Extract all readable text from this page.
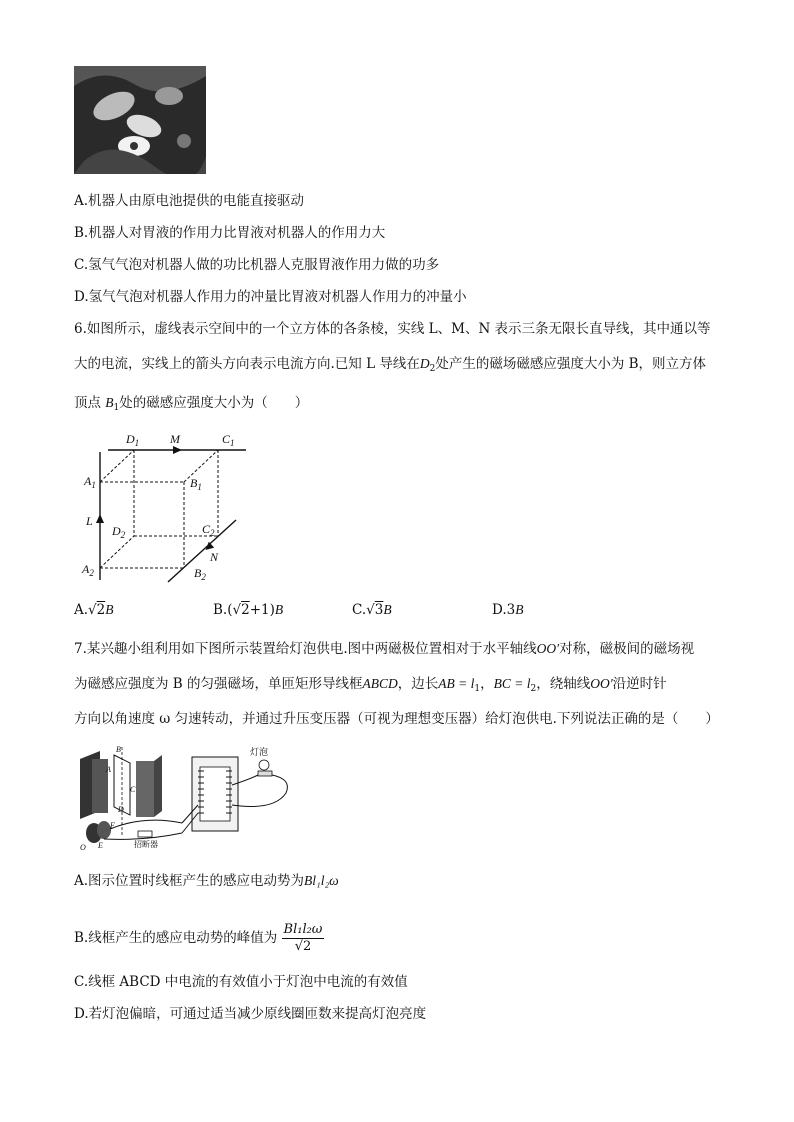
A.机器人由原电池提供的电能直接驱动
B.机器人对胃液的作用力比胃液对机器人的作用力大
C.氢气气泡对机器人做的功比机器人克服胃液作用力做的功多
D.氢气气泡对机器人作用力的冲量比胃液对机器人作用力的冲量小
6.如图所示，虚线表示空间中的一个立方体的各条棱，实线 L、M、N 表示三条无限长直导线，其中通以等
大的电流，实线上的箭头方向表示电流方向.已知 L 导线在$D_2$处产生的磁场磁感应强度大小为 B，则立方体
顶点 $B_1$处的磁感应强度大小为（　　）
$D_1$	M	$C_1$
$A_1$	$B_1$
L
$D_2$	$C_2$
$A_2$	$B_2$
N
A.√2B	B.(√2+1)B	C.√3B	D.3B
7.某兴趣小组利用如下图所示装置给灯泡供电.图中两磁极位置相对于水平轴线OO′对称，磁极间的磁场视
为磁感应强度为 B 的匀强磁场，单匝矩形导线框ABCD，边长AB = $l_1$，BC = $l_2$，绕轴线OO′沿逆时针
方向以角速度 ω 匀速转动，并通过升压变压器（可视为理想变压器）给灯泡供电.下列说法正确的是（　　）
灯泡
招断器
B
A
C
D
F
O E
A.图示位置时线框产生的感应电动势为Bl₁l₂ω
B.线框产生的感应电动势的峰值为 $\frac{\text{Bl₁l₂ω}}{√2}$
C.线框 ABCD 中电流的有效值小于灯泡中电流的有效值
D.若灯泡偏暗，可通过适当减少原线圈匝数来提高灯泡亮度
